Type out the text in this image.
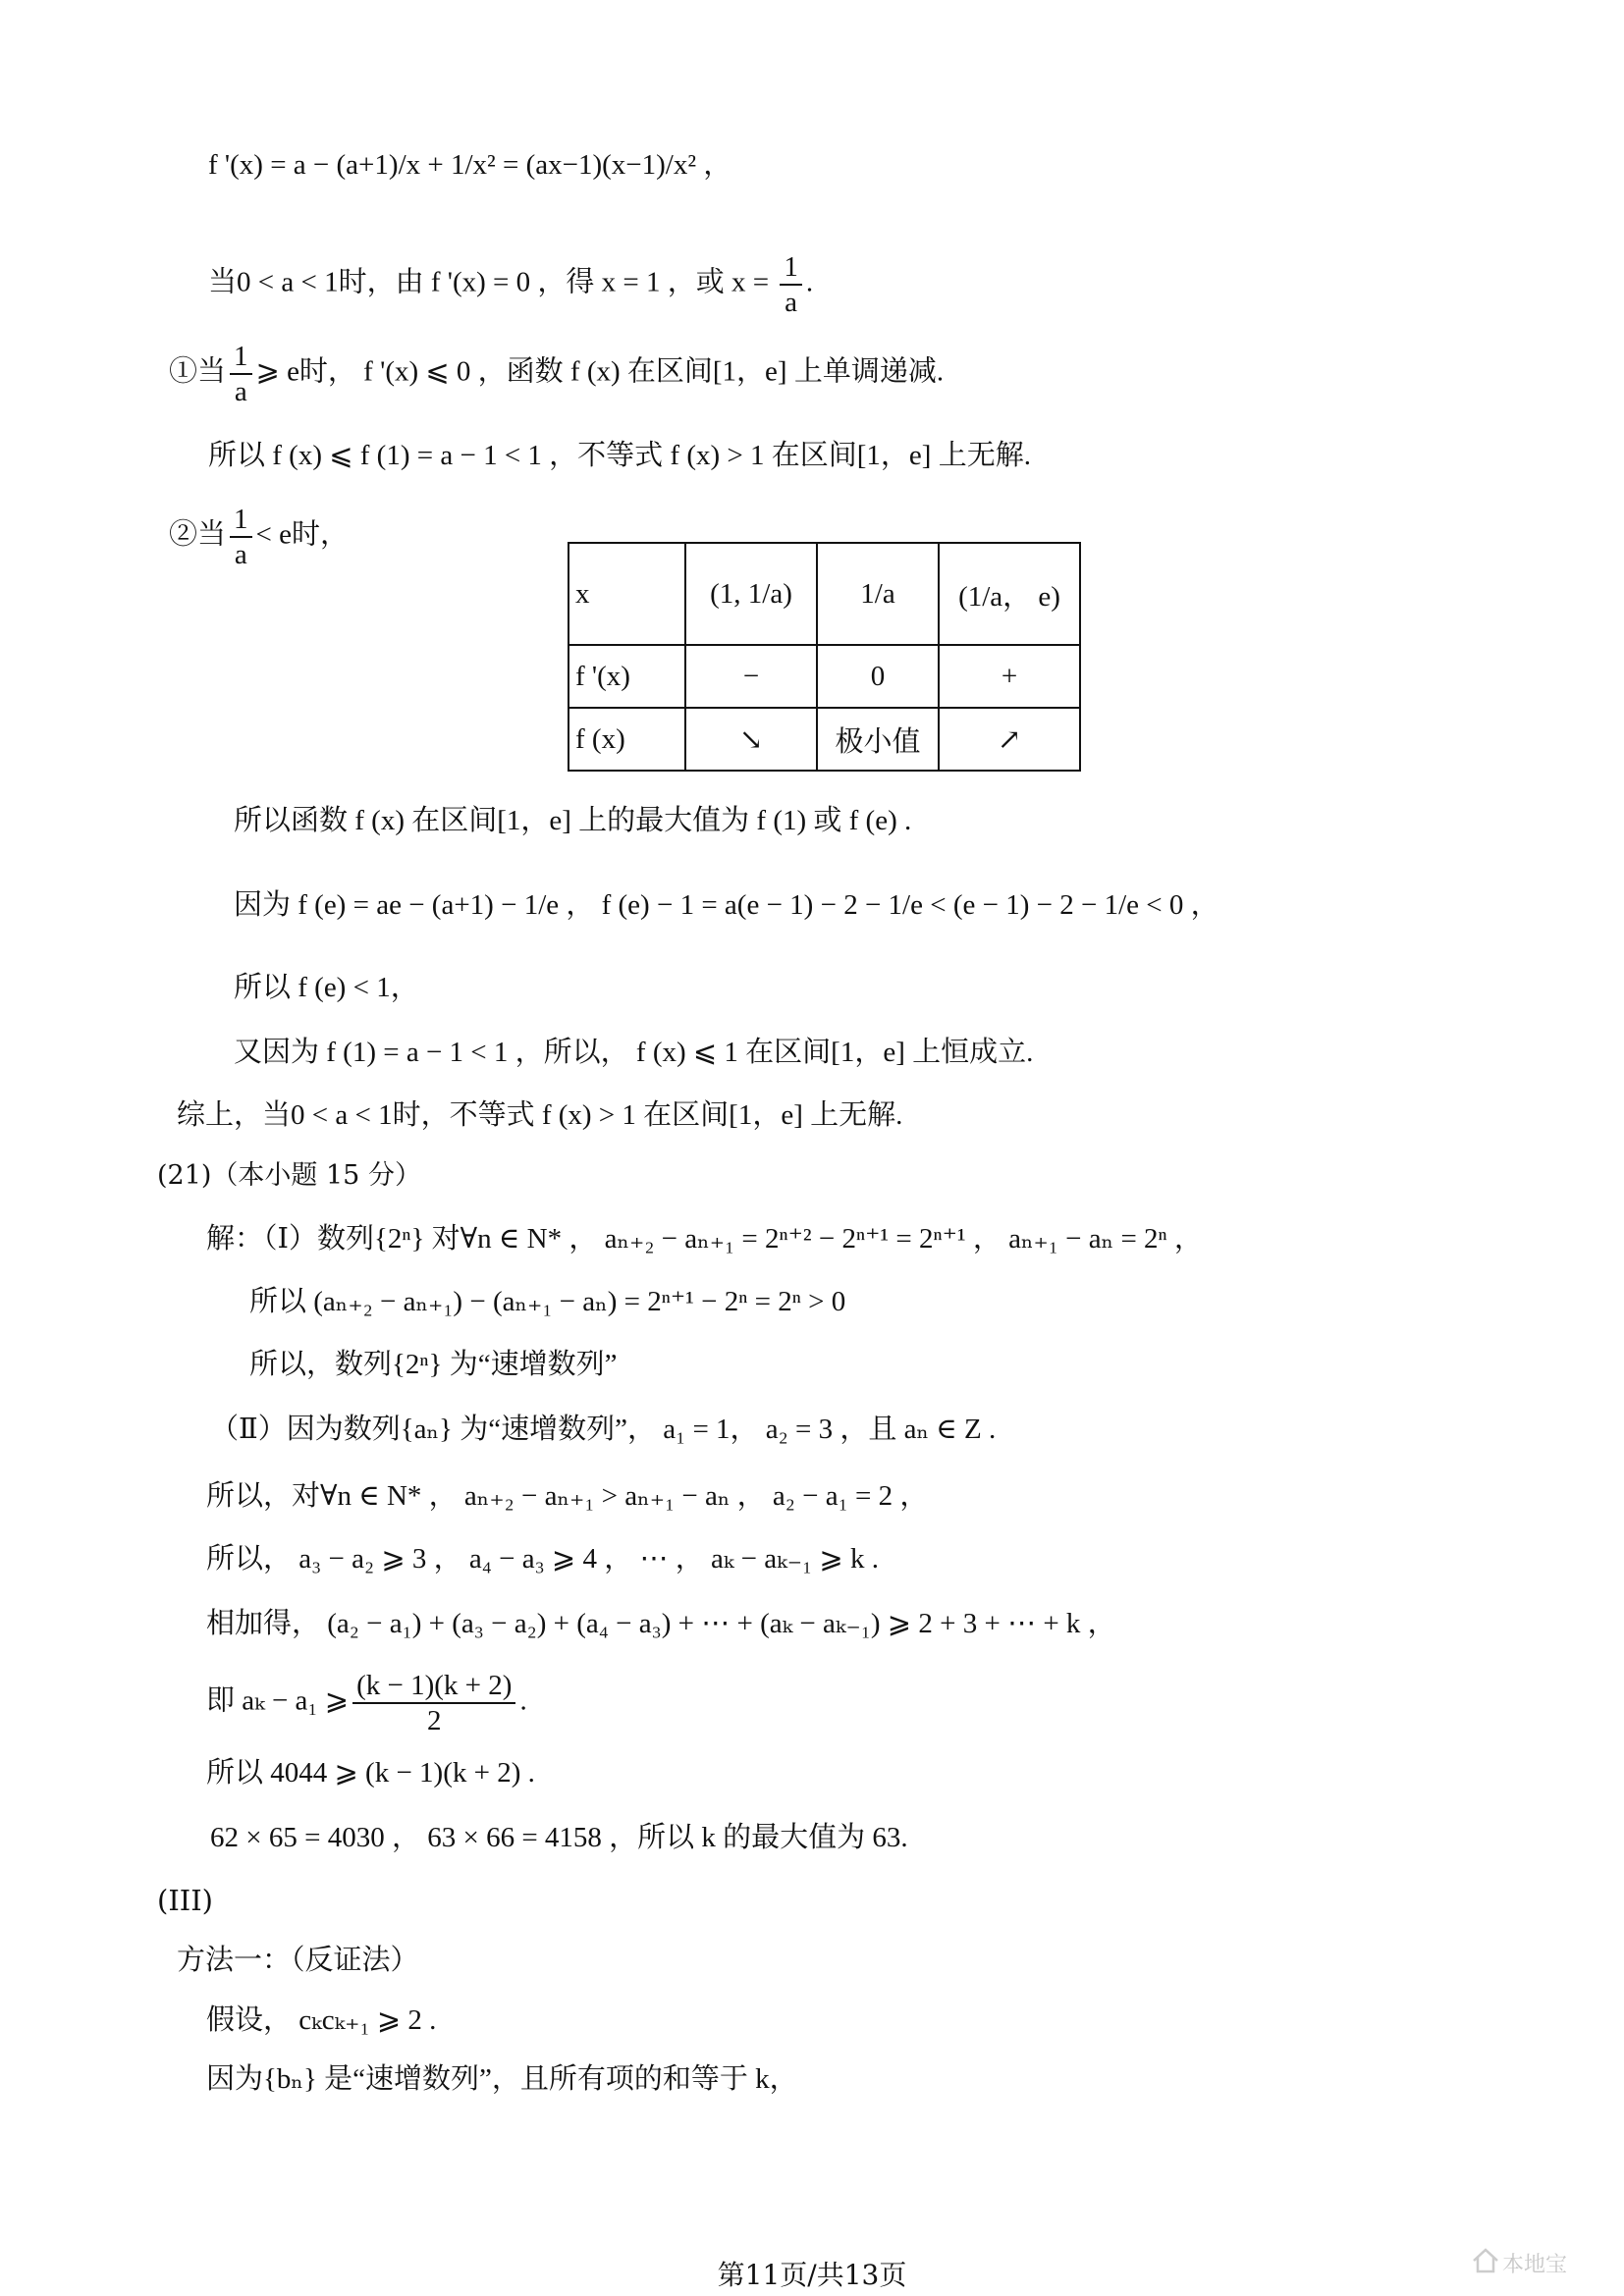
f '(x) = a − (a+1)/x + 1/x² = (ax−1)(x−1)/x² ，
当0 < a < 1时，由 f '(x) = 0 ，得 x = 1 ，或 $x = \frac{1}{a}$ .
①当 $\frac{1}{a}$ ⩾ e时， f '(x) ⩽ 0 ，函数 f (x) 在区间[1，e] 上单调递减.
所以 f (x) ⩽ f (1) = a − 1 < 1 ，不等式 f (x) > 1 在区间[1，e] 上无解.
②当 $\frac{1}{a} < e$时，
x	(1, 1/a)	1/a	(1/a， e)
f '(x)	−	0	+
f (x)	↘	极小值	↗
所以函数 f (x) 在区间[1，e] 上的最大值为 f (1) 或 f (e) .
因为 f (e) = ae − (a+1) − 1/e ， f (e) − 1 = a(e − 1) − 2 − 1/e < (e − 1) − 2 − 1/e < 0 ，
所以 f (e) < 1，
又因为 f (1) = a − 1 < 1 ，所以， f (x) ⩽ 1 在区间[1，e] 上恒成立.
综上，当0 < a < 1时，不等式 f (x) > 1 在区间[1，e] 上无解.
(21)（本小题 15 分）
解：（Ⅰ）数列{2ⁿ} 对∀n ∈ N* ， aₙ₊₂ − aₙ₊₁ = 2ⁿ⁺² − 2ⁿ⁺¹ = 2ⁿ⁺¹ ， aₙ₊₁ − aₙ = 2ⁿ ，
所以 (aₙ₊₂ − aₙ₊₁) − (aₙ₊₁ − aₙ) = 2ⁿ⁺¹ − 2ⁿ = 2ⁿ > 0
所以，数列{2ⁿ} 为“速增数列”
（Ⅱ）因为数列{aₙ} 为“速增数列”， a₁ = 1， a₂ = 3 ，且 aₙ ∈ Z .
所以，对∀n ∈ N* ， aₙ₊₂ − aₙ₊₁ > aₙ₊₁ − aₙ ， a₂ − a₁ = 2 ，
所以， a₃ − a₂ ⩾ 3 ， a₄ − a₃ ⩾ 4 ， ⋯ ， aₖ − aₖ₋₁ ⩾ k .
相加得， (a₂ − a₁) + (a₃ − a₂) + (a₄ − a₃) + ⋯ + (aₖ − aₖ₋₁) ⩾ 2 + 3 + ⋯ + k ，
即 aₖ − a₁ ⩾ $\frac{(k - 1)(k + 2)}{2}$ .
所以 4044 ⩾ (k − 1)(k + 2) .
62 × 65 = 4030 ， 63 × 66 = 4158 ，所以 k 的最大值为 63.
(III)
方法一：（反证法）
假设， cₖcₖ₊₁ ⩾ 2 .
因为{bₙ} 是“速增数列”，且所有项的和等于 k，
第11页/共13页	本地宝
